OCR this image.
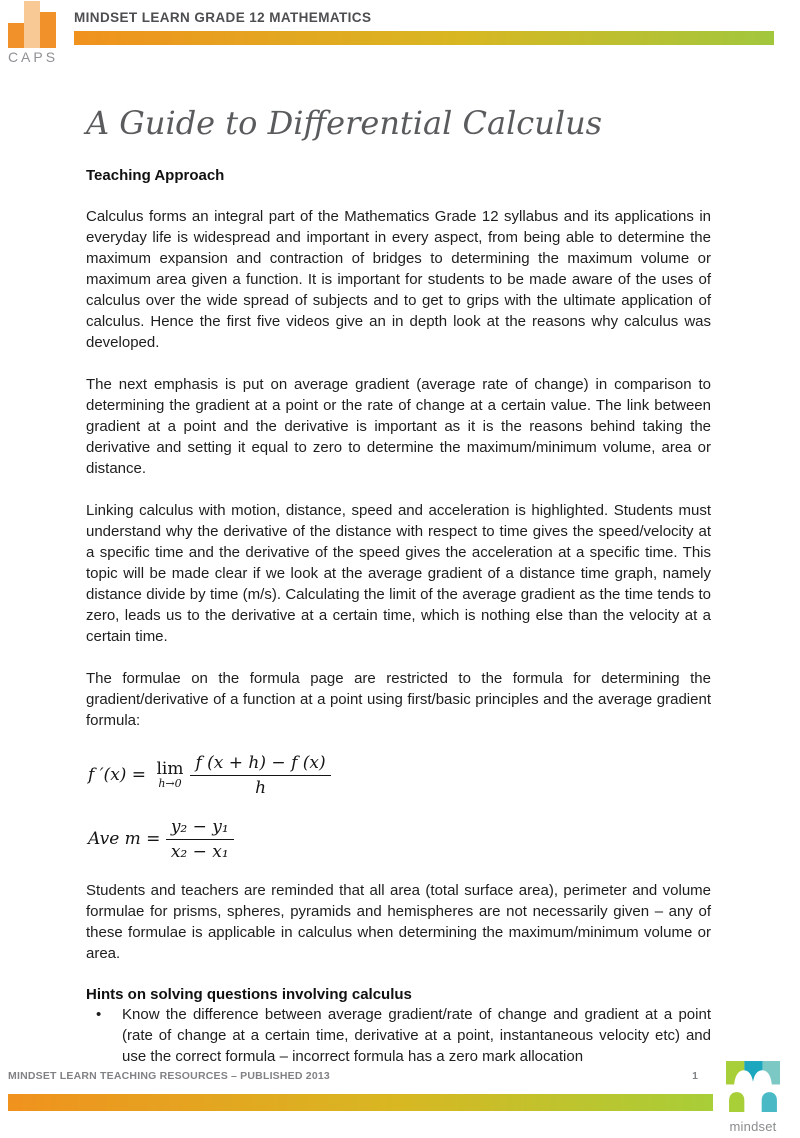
CAPS
MINDSET LEARN GRADE 12 MATHEMATICS
A Guide to Differential Calculus
Teaching Approach

Calculus forms an integral part of the Mathematics Grade 12 syllabus and its applications in everyday life is widespread and important in every aspect, from being able to determine the maximum expansion and contraction of bridges to determining the maximum volume or maximum area given a function. It is important for students to be made aware of the uses of calculus over the wide spread of subjects and to get to grips with the ultimate application of calculus. Hence the first five videos give an in depth look at the reasons why calculus was developed.

The next emphasis is put on average gradient (average rate of change) in comparison to determining the gradient at a point or the rate of change at a certain value. The link between gradient at a point and the derivative is important as it is the reasons behind taking the derivative and setting it equal to zero to determine the maximum/minimum volume, area or distance.

Linking calculus with motion, distance, speed and acceleration is highlighted. Students must understand why the derivative of the distance with respect to time gives the speed/velocity at a specific time and the derivative of the speed gives the acceleration at a specific time. This topic will be made clear if we look at the average gradient of a distance time graph, namely distance divide by time (m/s). Calculating the limit of the average gradient as the time tends to zero, leads us to the derivative at a certain time, which is nothing else than the velocity at a certain time.

The formulae on the formula page are restricted to the formula for determining the gradient/derivative of a function at a point using first/basic principles and the average gradient formula:

f ′(x) = lim
$h\to 0 \frac{f (x + h) - f (x)}{h}$
Ave $m = \frac{\text{y₂ − y₁}}{\text{x₂ − x₁}}$

Students and teachers are reminded that all area (total surface area), perimeter and volume formulae for prisms, spheres, pyramids and hemispheres are not necessarily given – any of these formulae is applicable in calculus when determining the maximum/minimum volume or area.

Hints on solving questions involving calculus
• Know the difference between average gradient/rate of change and gradient at a point (rate of change at a certain time, derivative at a point, instantaneous velocity etc) and use the correct formula – incorrect formula has a zero mark allocation
MINDSET LEARN TEACHING RESOURCES – PUBLISHED 2013	1
mindset
